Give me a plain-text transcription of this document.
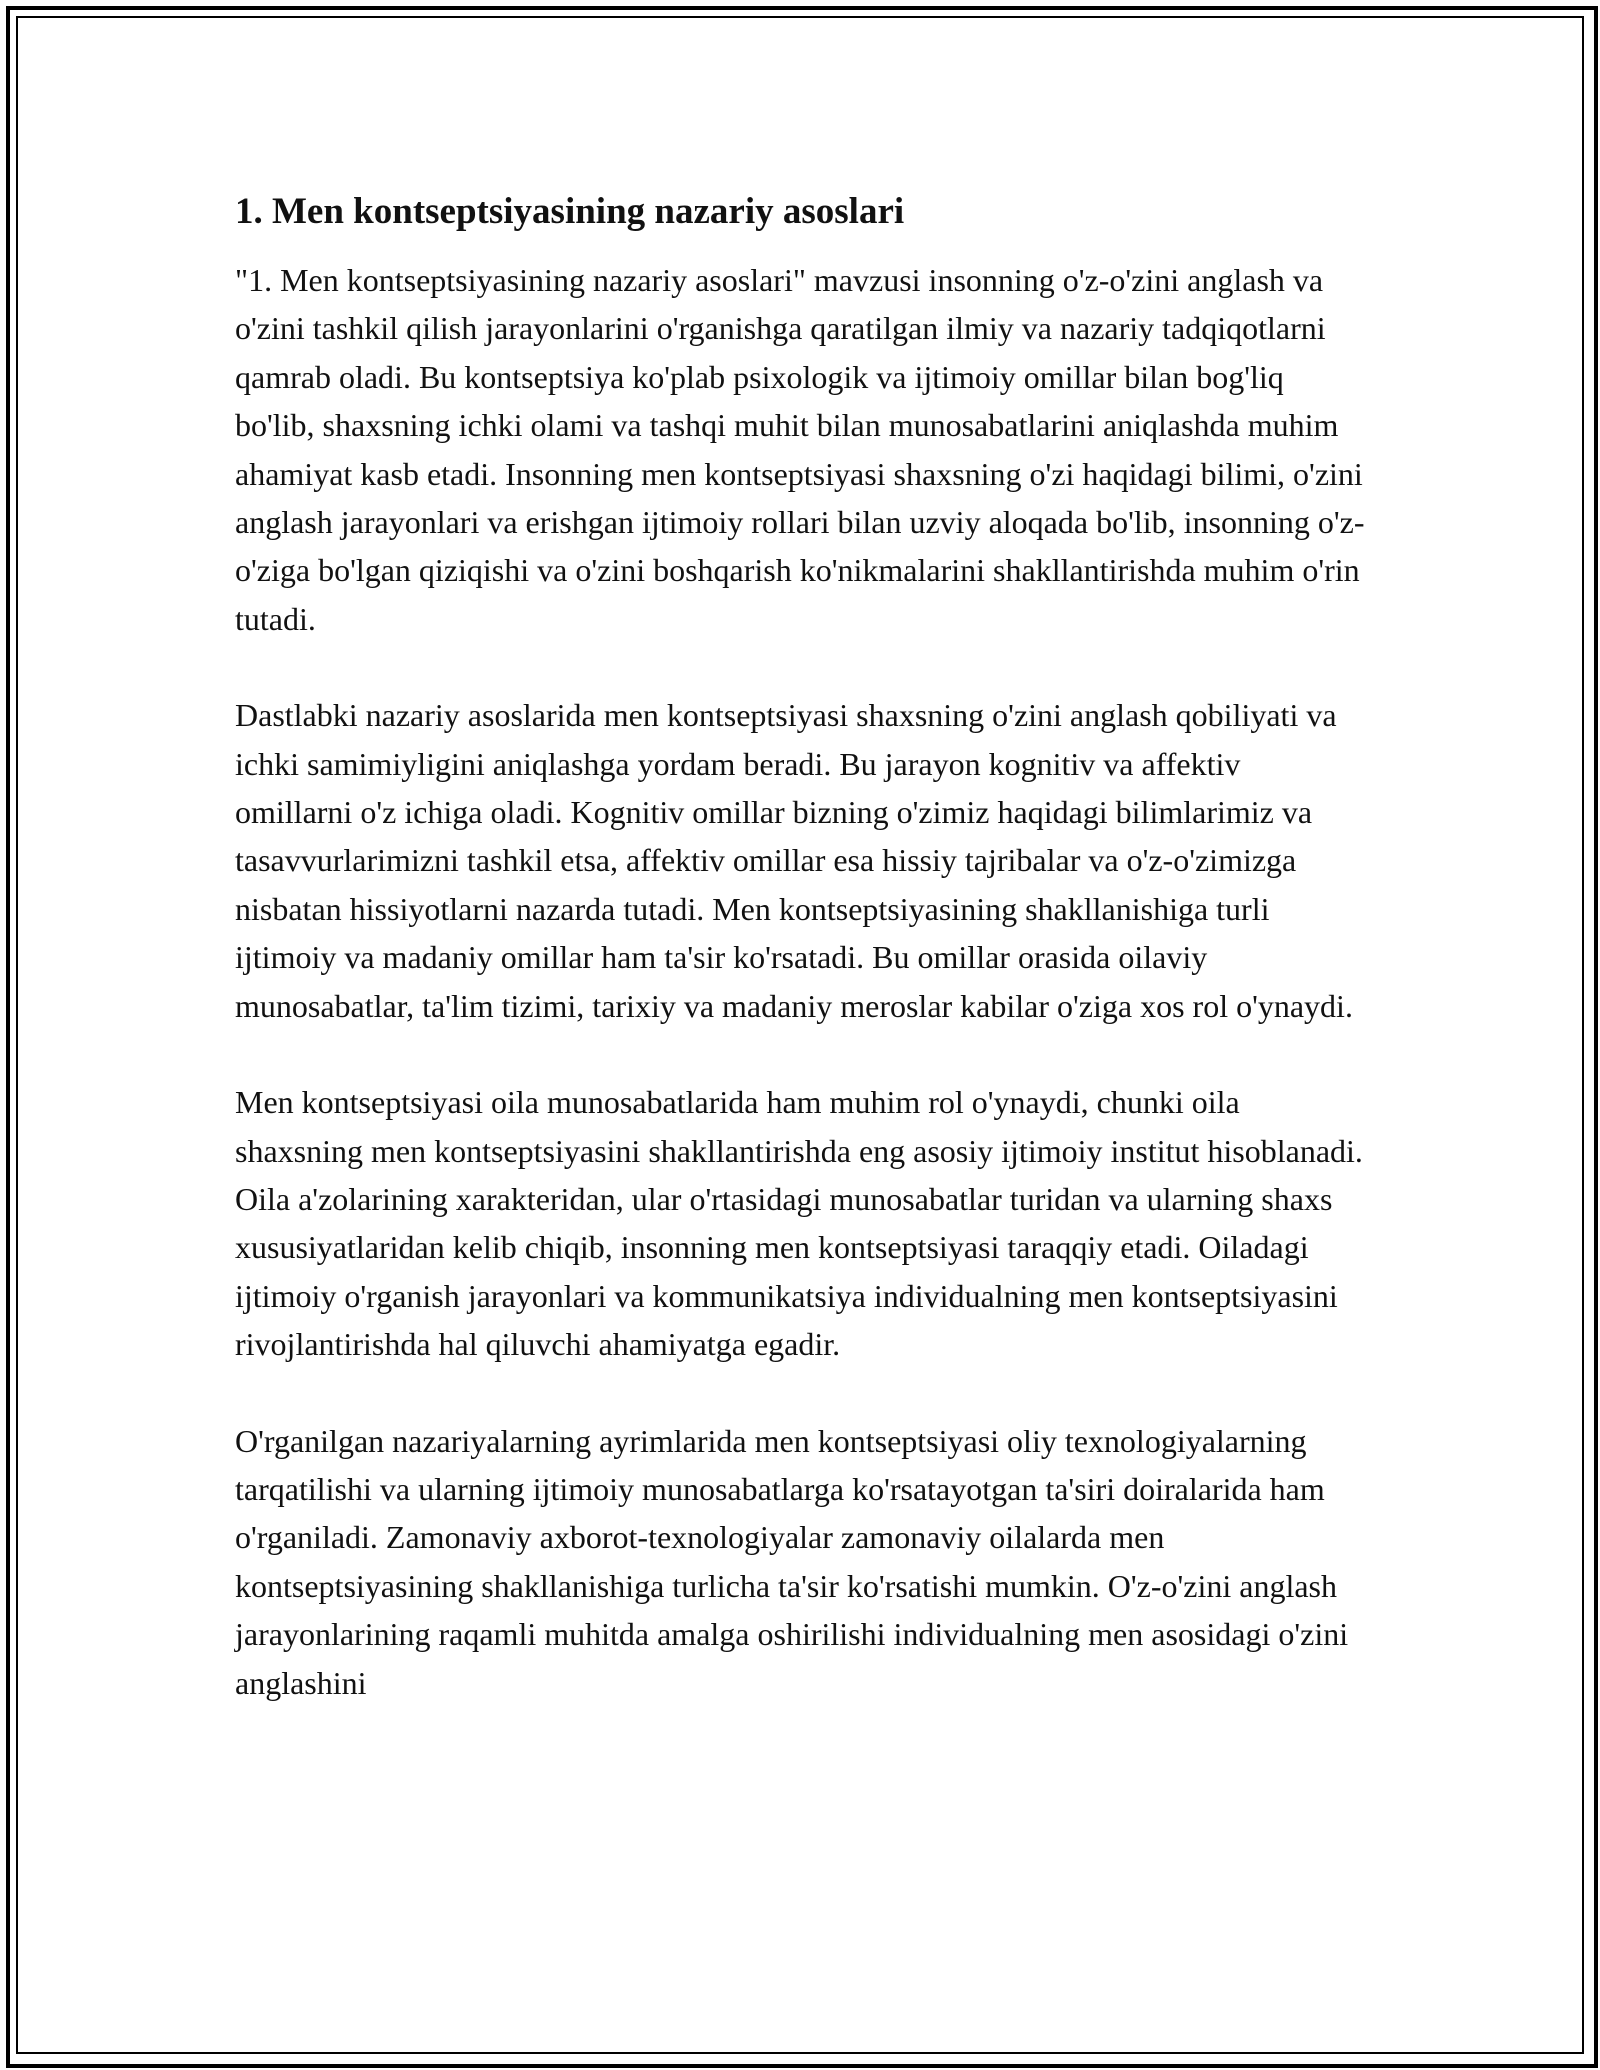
1. Men kontseptsiyasining nazariy asoslari

"1. Men kontseptsiyasining nazariy asoslari" mavzusi insonning o'z-o'zini anglash va o'zini tashkil qilish jarayonlarini o'rganishga qaratilgan ilmiy va nazariy tadqiqotlarni qamrab oladi. Bu kontseptsiya ko'plab psixologik va ijtimoiy omillar bilan bog'liq bo'lib, shaxsning ichki olami va tashqi muhit bilan munosabatlarini aniqlashda muhim ahamiyat kasb etadi. Insonning men kontseptsiyasi shaxsning o'zi haqidagi bilimi, o'zini anglash jarayonlari va erishgan ijtimoiy rollari bilan uzviy aloqada bo'lib, insonning o'z-o'ziga bo'lgan qiziqishi va o'zini boshqarish ko'nikmalarini shakllantirishda muhim o'rin tutadi.

Dastlabki nazariy asoslarida men kontseptsiyasi shaxsning o'zini anglash qobiliyati va ichki samimiyligini aniqlashga yordam beradi. Bu jarayon kognitiv va affektiv omillarni o'z ichiga oladi. Kognitiv omillar bizning o'zimiz haqidagi bilimlarimiz va tasavvurlarimizni tashkil etsa, affektiv omillar esa hissiy tajribalar va o'z-o'zimizga nisbatan hissiyotlarni nazarda tutadi. Men kontseptsiyasining shakllanishiga turli ijtimoiy va madaniy omillar ham ta'sir ko'rsatadi. Bu omillar orasida oilaviy munosabatlar, ta'lim tizimi, tarixiy va madaniy meroslar kabilar o'ziga xos rol o'ynaydi.

Men kontseptsiyasi oila munosabatlarida ham muhim rol o'ynaydi, chunki oila shaxsning men kontseptsiyasini shakllantirishda eng asosiy ijtimoiy institut hisoblanadi. Oila a'zolarining xarakteridan, ular o'rtasidagi munosabatlar turidan va ularning shaxs xususiyatlaridan kelib chiqib, insonning men kontseptsiyasi taraqqiy etadi. Oiladagi ijtimoiy o'rganish jarayonlari va kommunikatsiya individualning men kontseptsiyasini rivojlantirishda hal qiluvchi ahamiyatga egadir.

O'rganilgan nazariyalarning ayrimlarida men kontseptsiyasi oliy texnologiyalarning tarqatilishi va ularning ijtimoiy munosabatlarga ko'rsatayotgan ta'siri doiralarida ham o'rganiladi. Zamonaviy axborot-texnologiyalar zamonaviy oilalarda men kontseptsiyasining shakllanishiga turlicha ta'sir ko'rsatishi mumkin. O'z-o'zini anglash jarayonlarining raqamli muhitda amalga oshirilishi individualning men asosidagi o'zini anglashini
